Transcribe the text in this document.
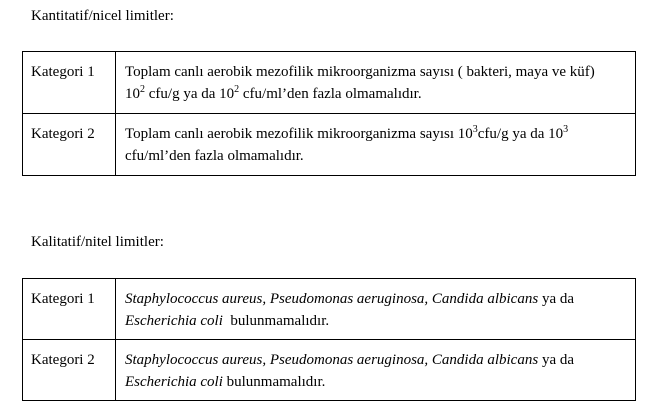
Kantitatif/nicel limitler:
Kategori 1	Toplam canlı aerobik mezofilik mikroorganizma sayısı ( bakteri, maya ve küf)
$10^2$ cfu/g ya da $10^2$ cfu/ml’den fazla olmamalıdır.
Kategori 2	Toplam canlı aerobik mezofilik mikroorganizma sayısı $10^3cfu/g$ ya da $10^3$
cfu/ml’den fazla olmamalıdır.
Kalitatif/nitel limitler:
Kategori 1	Staphylococcus aureus, Pseudomonas aeruginosa, Candida albicans ya da
Escherichia coli  bulunmamalıdır.

Kategori 2	Staphylococcus aureus, Pseudomonas aeruginosa, Candida albicans ya da
Escherichia coli bulunmamalıdır.
